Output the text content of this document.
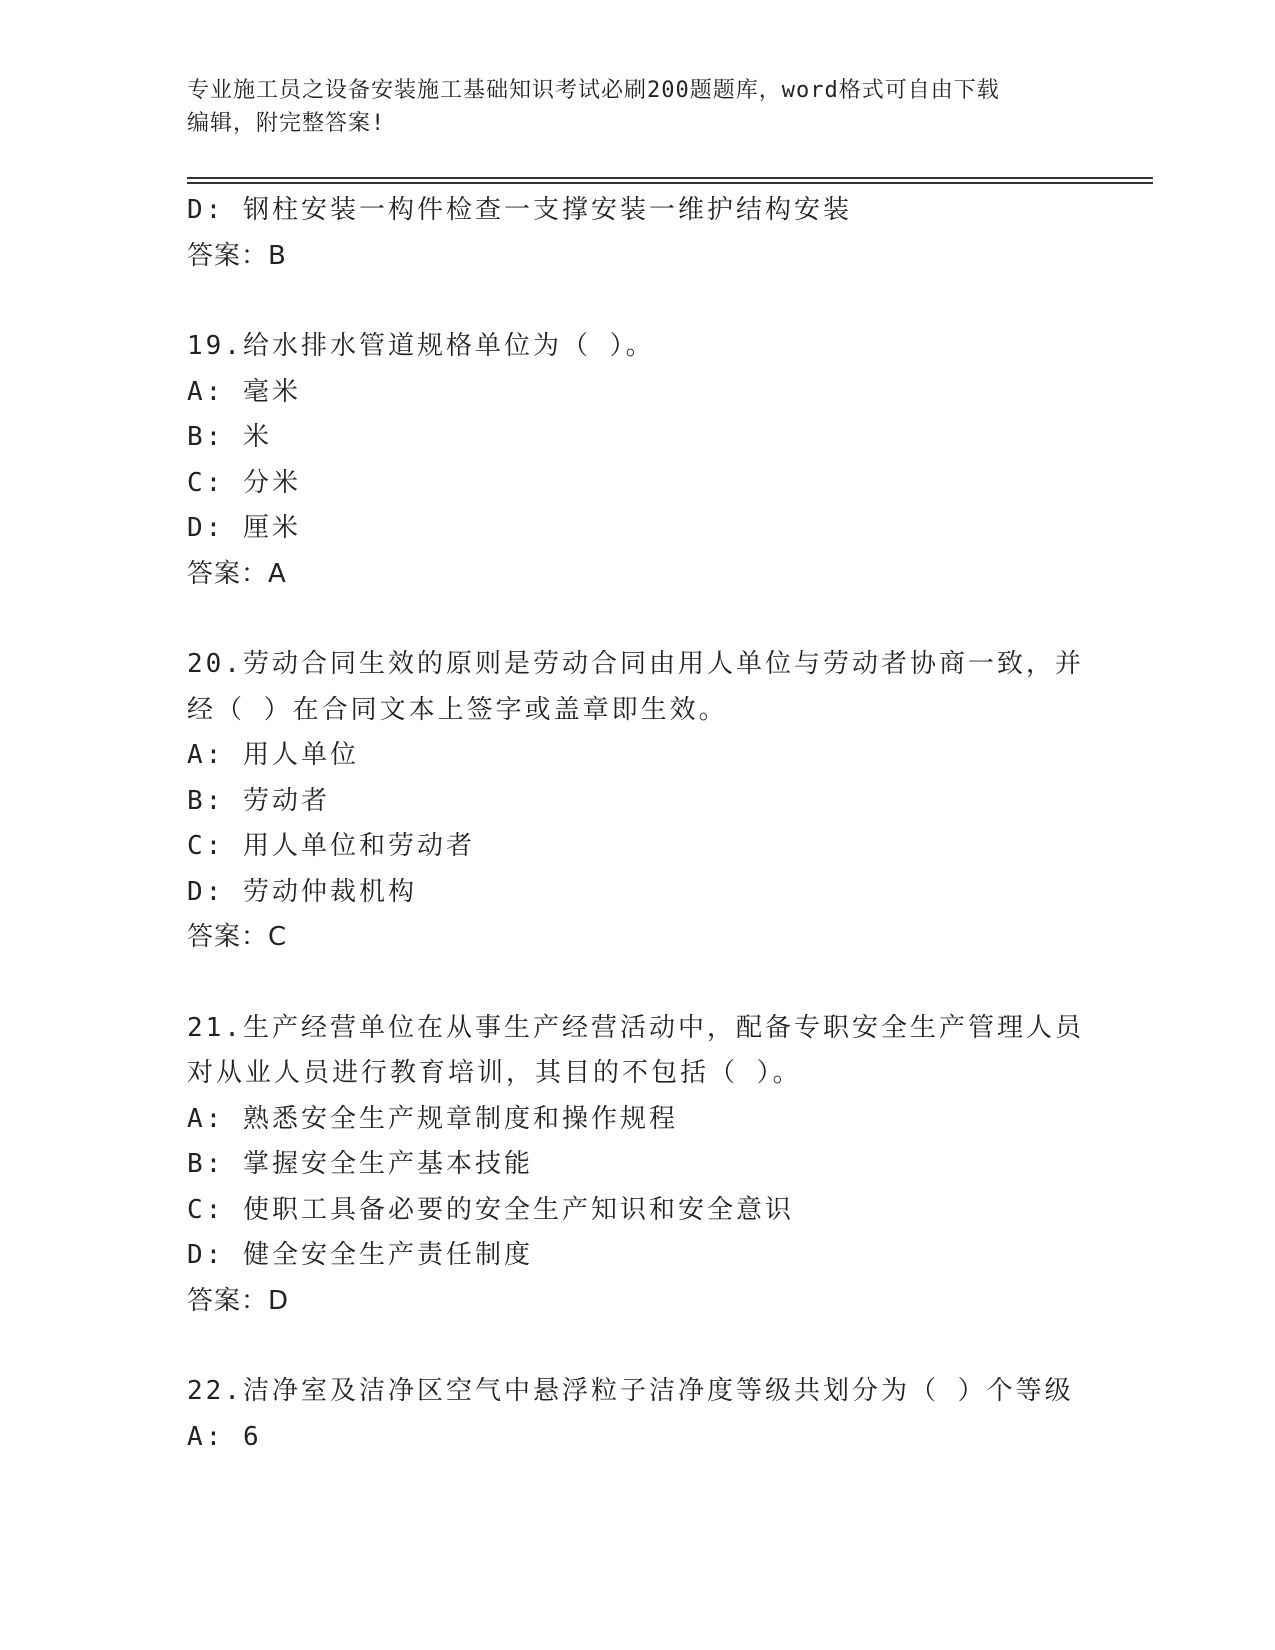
专业施工员之设备安装施工基础知识考试必刷200题题库，word格式可自由下载
编辑，附完整答案!

D: 钢柱安装一构件检查一支撑安装一维护结构安装

答案：B

19.给水排水管道规格单位为（ ）。

A: 毫米

B: 米

C: 分米

D: 厘米

答案：A

20.劳动合同生效的原则是劳动合同由用人单位与劳动者协商一致，并

经（ ）在合同文本上签字或盖章即生效。

A: 用人单位

B: 劳动者

C: 用人单位和劳动者

D: 劳动仲裁机构

答案：C

21.生产经营单位在从事生产经营活动中，配备专职安全生产管理人员

对从业人员进行教育培训，其目的不包括（ ）。

A: 熟悉安全生产规章制度和操作规程

B: 掌握安全生产基本技能

C: 使职工具备必要的安全生产知识和安全意识

D: 健全安全生产责任制度

答案：D

22.洁净室及洁净区空气中悬浮粒子洁净度等级共划分为（ ）个等级

A: 6
